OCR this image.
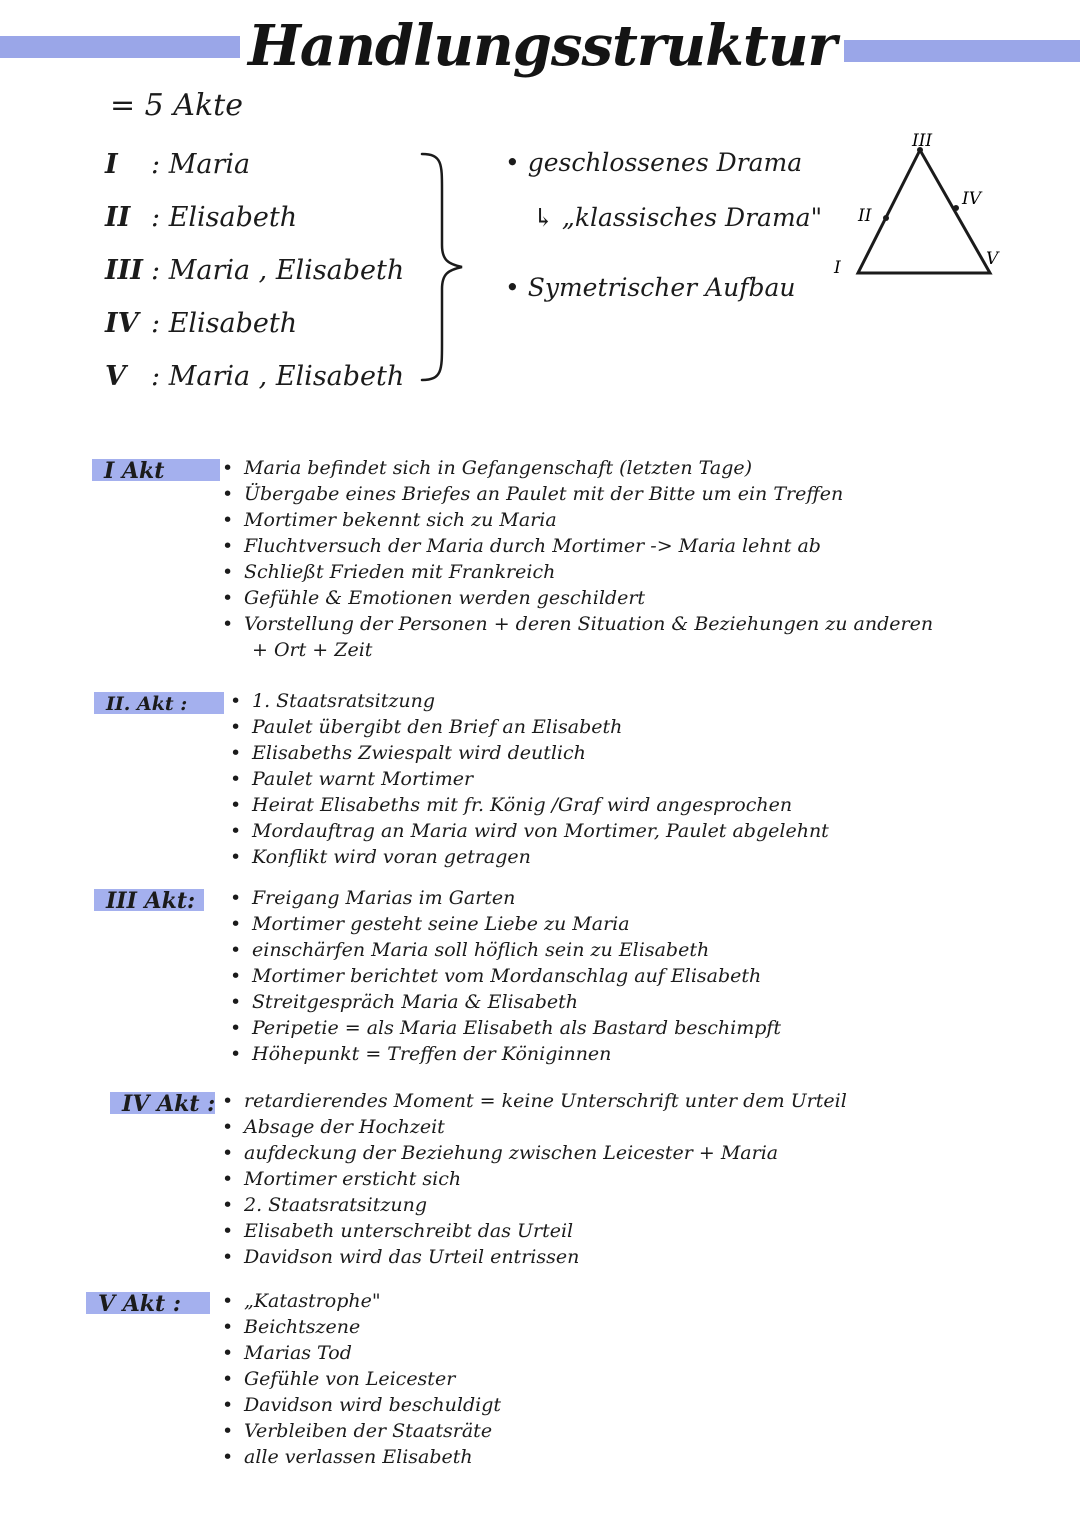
Handlungsstruktur
= 5 Akte
I : Maria
II : Elisabeth
III : Maria , Elisabeth
IV : Elisabeth
V : Maria , Elisabeth
• geschlossenes Drama
↳ „klassisches Drama"
• Symetrischer Aufbau
III
II
IV
I	V
I Akt	• Maria befindet sich in Gefangenschaft (letzten Tage)
• Übergabe eines Briefes an Paulet mit der Bitte um ein Treffen
• Mortimer bekennt sich zu Maria
• Fluchtversuch der Maria durch Mortimer -> Maria lehnt ab
• Schließt Frieden mit Frankreich
• Gefühle & Emotionen werden geschildert
• Vorstellung der Personen + deren Situation & Beziehungen zu anderen
+ Ort + Zeit
II. Akt :	• 1. Staatsratsitzung
• Paulet übergibt den Brief an Elisabeth
• Elisabeths Zwiespalt wird deutlich
• Paulet warnt Mortimer
• Heirat Elisabeths mit fr. König /Graf wird angesprochen
• Mordauftrag an Maria wird von Mortimer, Paulet abgelehnt
• Konflikt wird voran getragen
III Akt:	• Freigang Marias im Garten
• Mortimer gesteht seine Liebe zu Maria
• einschärfen Maria soll höflich sein zu Elisabeth
• Mortimer berichtet vom Mordanschlag auf Elisabeth
• Streitgespräch Maria & Elisabeth
• Peripetie = als Maria Elisabeth als Bastard beschimpft
• Höhepunkt = Treffen der Königinnen
IV Akt :	• retardierendes Moment = keine Unterschrift unter dem Urteil
• Absage der Hochzeit
• aufdeckung der Beziehung zwischen Leicester + Maria
• Mortimer ersticht sich
• 2. Staatsratsitzung
• Elisabeth unterschreibt das Urteil
• Davidson wird das Urteil entrissen
V Akt :	• „Katastrophe"
• Beichtszene
• Marias Tod
• Gefühle von Leicester
• Davidson wird beschuldigt
• Verbleiben der Staatsräte
• alle verlassen Elisabeth
